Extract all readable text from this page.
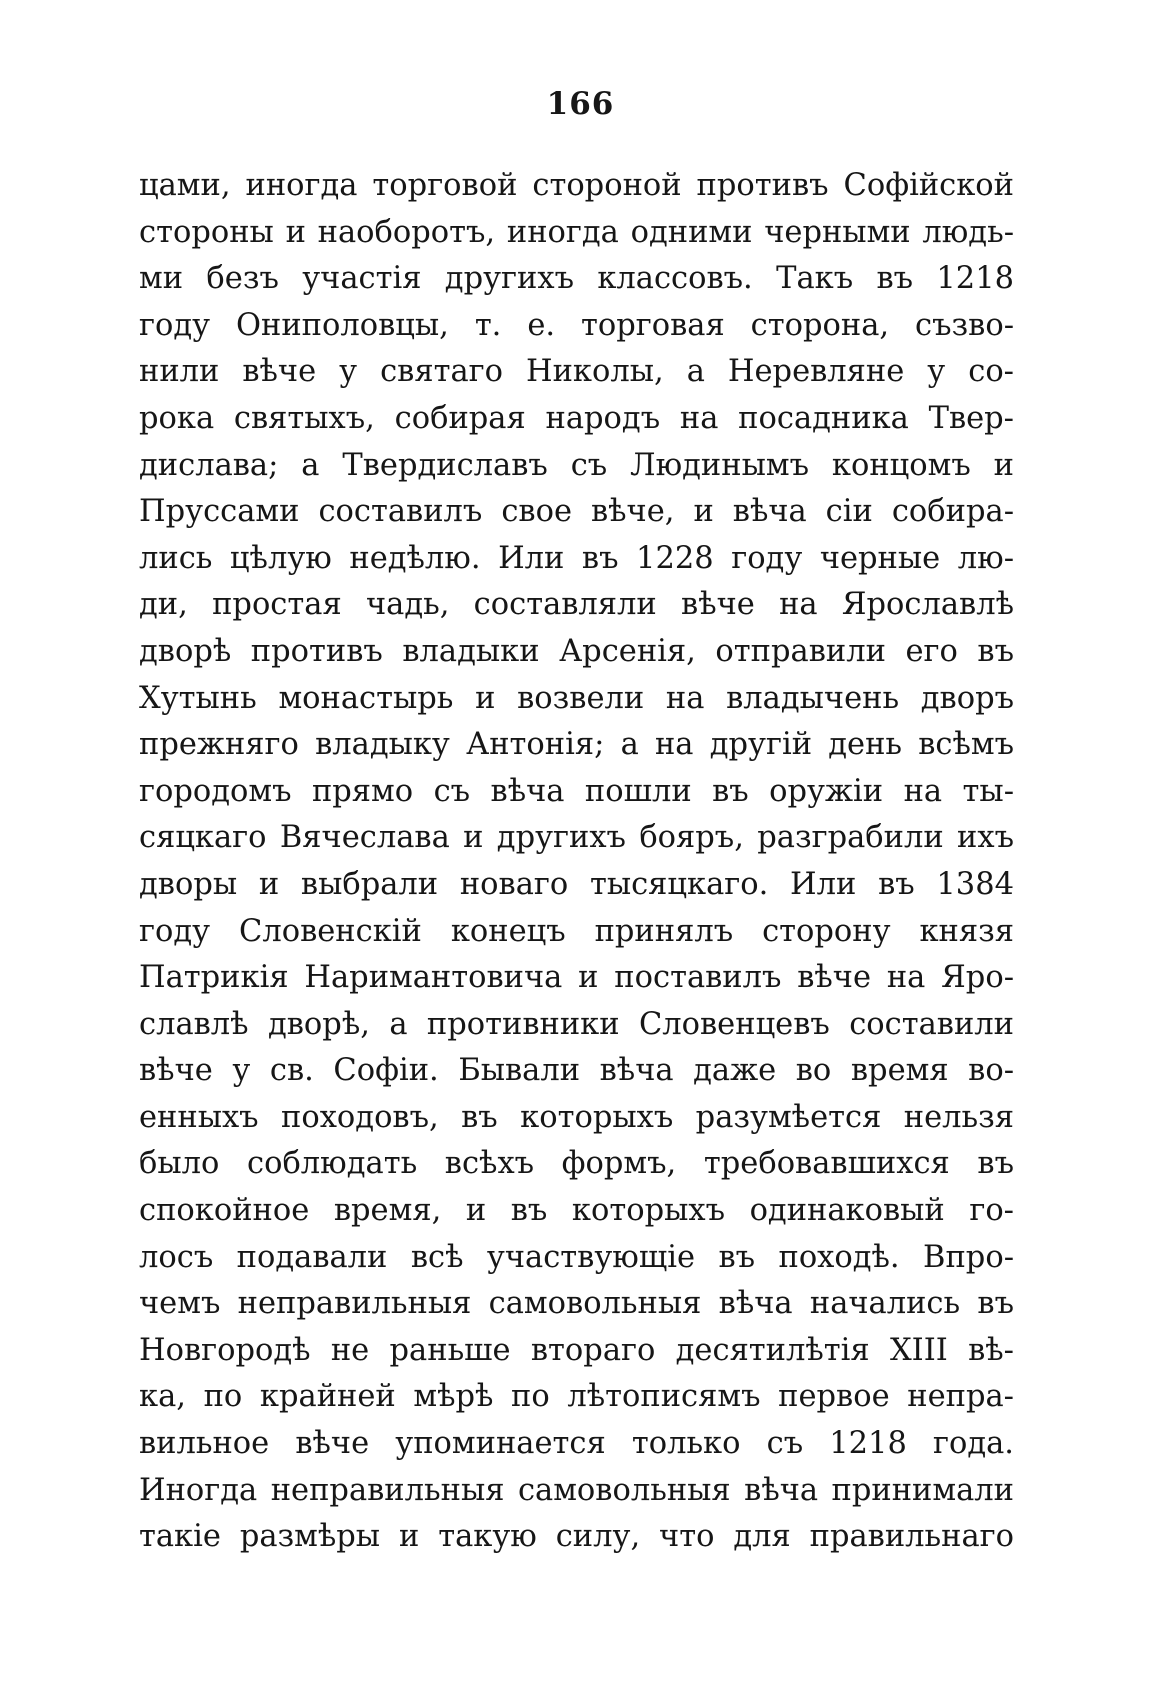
166
цами, иногда торговой стороной противъ Софійской
стороны и наоборотъ, иногда одними черными людь-
ми безъ участія другихъ классовъ. Такъ въ 1218
году Ониполовцы, т. е. торговая сторона, съзво-
нили вѣче у святаго Николы, а Неревляне у со-
рока святыхъ, собирая народъ на посадника Твер-
дислава; а Твердиславъ съ Людинымъ концомъ и
Пруссами составилъ свое вѣче, и вѣча сіи собира-
лись цѣлую недѣлю. Или въ 1228 году черные лю-
ди, простая чадь, составляли вѣче на Ярославлѣ
дворѣ противъ владыки Арсенія, отправили его въ
Хутынь монастырь и возвели на владычень дворъ
прежняго владыку Антонія; а на другій день всѣмъ
городомъ прямо съ вѣча пошли въ оружіи на ты-
сяцкаго Вячеслава и другихъ бояръ, разграбили ихъ
дворы и выбрали новаго тысяцкаго. Или въ 1384
году Словенскій конецъ принялъ сторону князя
Патрикія Наримантовича и поставилъ вѣче на Яро-
славлѣ дворѣ, а противники Словенцевъ составили
вѣче у св. Софіи. Бывали вѣча даже во время во-
енныхъ походовъ, въ которыхъ разумѣется нельзя
было соблюдать всѣхъ формъ, требовавшихся въ
спокойное время, и въ которыхъ одинаковый го-
лосъ подавали всѣ участвующіе въ походѣ. Впро-
чемъ неправильныя самовольныя вѣча начались въ
Новгородѣ не раньше втораго десятилѣтія XIII вѣ-
ка, по крайней мѣрѣ по лѣтописямъ первое непра-
вильное вѣче упоминается только съ 1218 года.
Иногда неправильныя самовольныя вѣча принимали
такіе размѣры и такую силу, что для правильнаго
